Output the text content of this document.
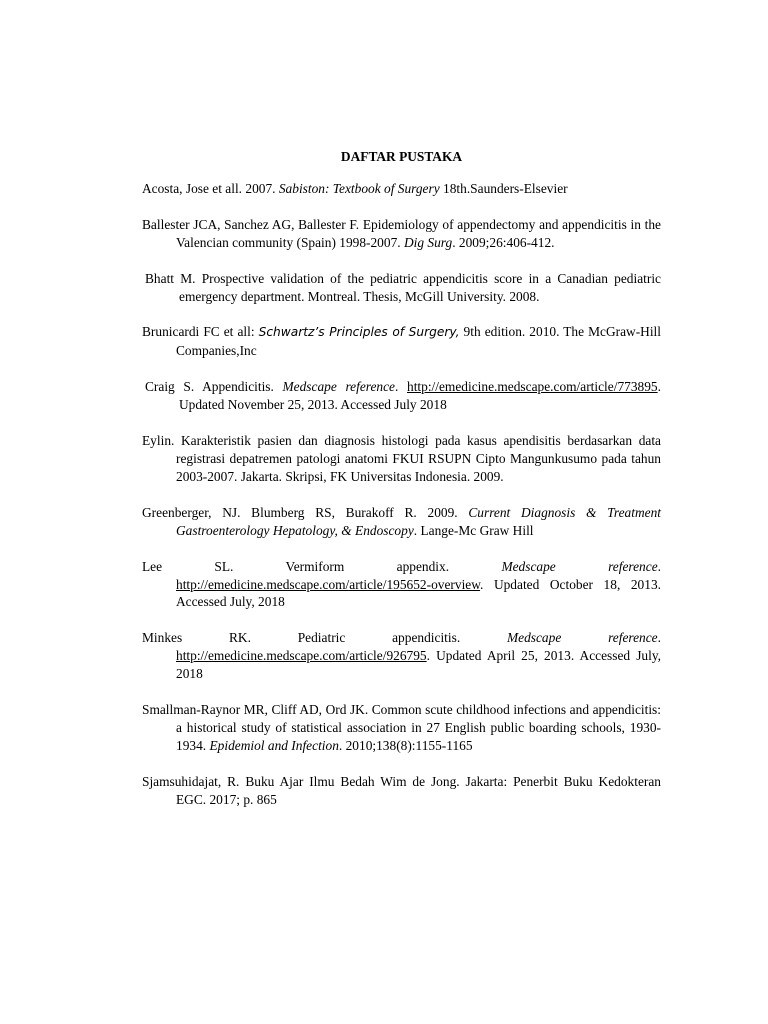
DAFTAR PUSTAKA
Acosta, Jose et all. 2007. Sabiston: Textbook of Surgery 18th.Saunders-Elsevier
Ballester JCA, Sanchez AG, Ballester F. Epidemiology of appendectomy and appendicitis in the Valencian community (Spain) 1998-2007. Dig Surg. 2009;26:406-412.
Bhatt M. Prospective validation of the pediatric appendicitis score in a Canadian pediatric emergency department. Montreal. Thesis, McGill University. 2008.
Brunicardi FC et all: Schwartz’s Principles of Surgery, 9th edition. 2010. The McGraw-Hill Companies,Inc
Craig S. Appendicitis. Medscape reference. http://emedicine.medscape.com/article/773895. Updated November 25, 2013. Accessed July 2018
Eylin. Karakteristik pasien dan diagnosis histologi pada kasus apendisitis berdasarkan data registrasi depatremen patologi anatomi FKUI RSUPN Cipto Mangunkusumo pada tahun 2003-2007. Jakarta. Skripsi, FK Universitas Indonesia. 2009.
Greenberger, NJ. Blumberg RS, Burakoff R. 2009. Current Diagnosis & Treatment Gastroenterology Hepatology, & Endoscopy. Lange-Mc Graw Hill
Lee SL. Vermiform appendix. Medscape reference. http://emedicine.medscape.com/article/195652-overview. Updated October 18, 2013. Accessed July, 2018
Minkes RK. Pediatric appendicitis. Medscape reference. http://emedicine.medscape.com/article/926795. Updated April 25, 2013. Accessed July, 2018
Smallman-Raynor MR, Cliff AD, Ord JK. Common scute childhood infections and appendicitis: a historical study of statistical association in 27 English public boarding schools, 1930-1934. Epidemiol and Infection. 2010;138(8):1155-1165
Sjamsuhidajat, R. Buku Ajar Ilmu Bedah Wim de Jong. Jakarta: Penerbit Buku Kedokteran EGC. 2017; p. 865
